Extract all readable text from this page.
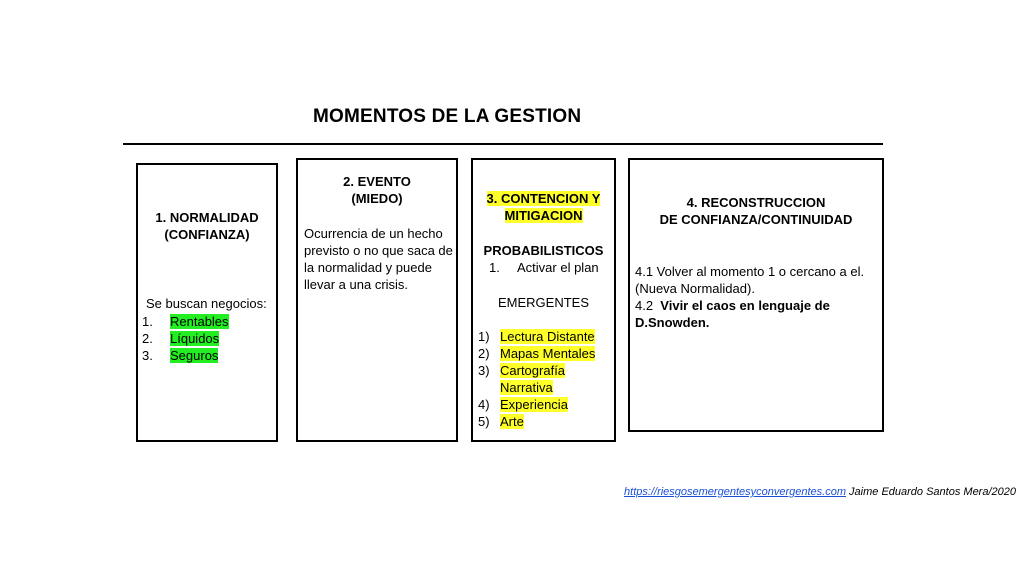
MOMENTOS DE LA GESTION
1. NORMALIDAD
(CONFIANZA)
Se buscan negocios:
1. Rentables
2. Líquidos
3. Seguros
2. EVENTO
(MIEDO)
Ocurrencia de un hecho previsto o no que saca de la normalidad y puede llevar a una crisis.
3. CONTENCION Y
MITIGACION
PROBABILISTICOS
1. Activar el plan
EMERGENTES
1) Lectura Distante
2) Mapas Mentales
3) Cartografía
Narrativa
4) Experiencia
5) Arte
4. RECONSTRUCCION
DE CONFIANZA/CONTINUIDAD
4.1 Volver al momento 1 o cercano a el.
(Nueva Normalidad).
4.2  Vivir el caos en lenguaje de
D.Snowden.
https://riesgosemergentesyconvergentes.com Jaime Eduardo Santos Mera/2020
